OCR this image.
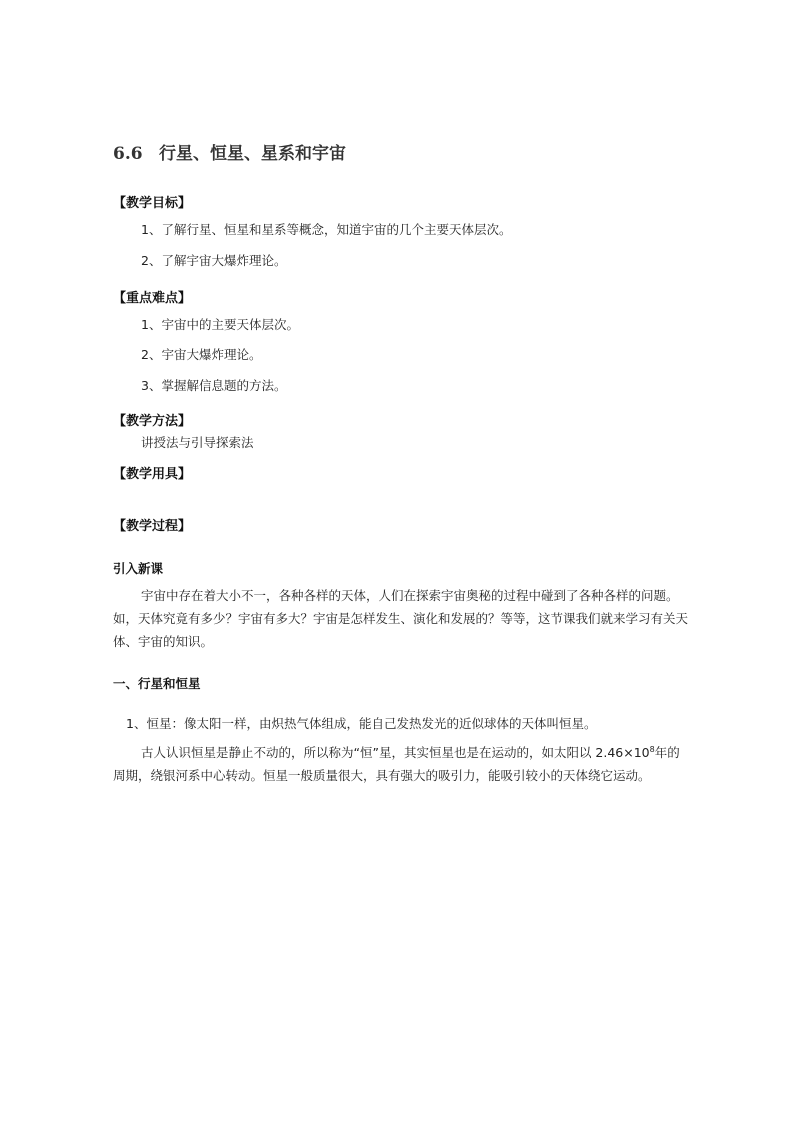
6.6 行星、恒星、星系和宇宙
【教学目标】
1、了解行星、恒星和星系等概念，知道宇宙的几个主要天体层次。
2、了解宇宙大爆炸理论。
【重点难点】
1、宇宙中的主要天体层次。
2、宇宙大爆炸理论。
3、掌握解信息题的方法。
【教学方法】
讲授法与引导探索法
【教学用具】
【教学过程】
引入新课
宇宙中存在着大小不一，各种各样的天体，人们在探索宇宙奥秘的过程中碰到了各种各样的问题。如，天体究竟有多少？宇宙有多大？宇宙是怎样发生、演化和发展的？等等，这节课我们就来学习有关天体、宇宙的知识。
一、行星和恒星
1、恒星：像太阳一样，由炽热气体组成，能自己发热发光的近似球体的天体叫恒星。
古人认识恒星是静止不动的，所以称为“恒”星，其实恒星也是在运动的，如太阳以 $2.46\times 10^8$年的周期，绕银河系中心转动。恒星一般质量很大，具有强大的吸引力，能吸引较小的天体绕它运动。
